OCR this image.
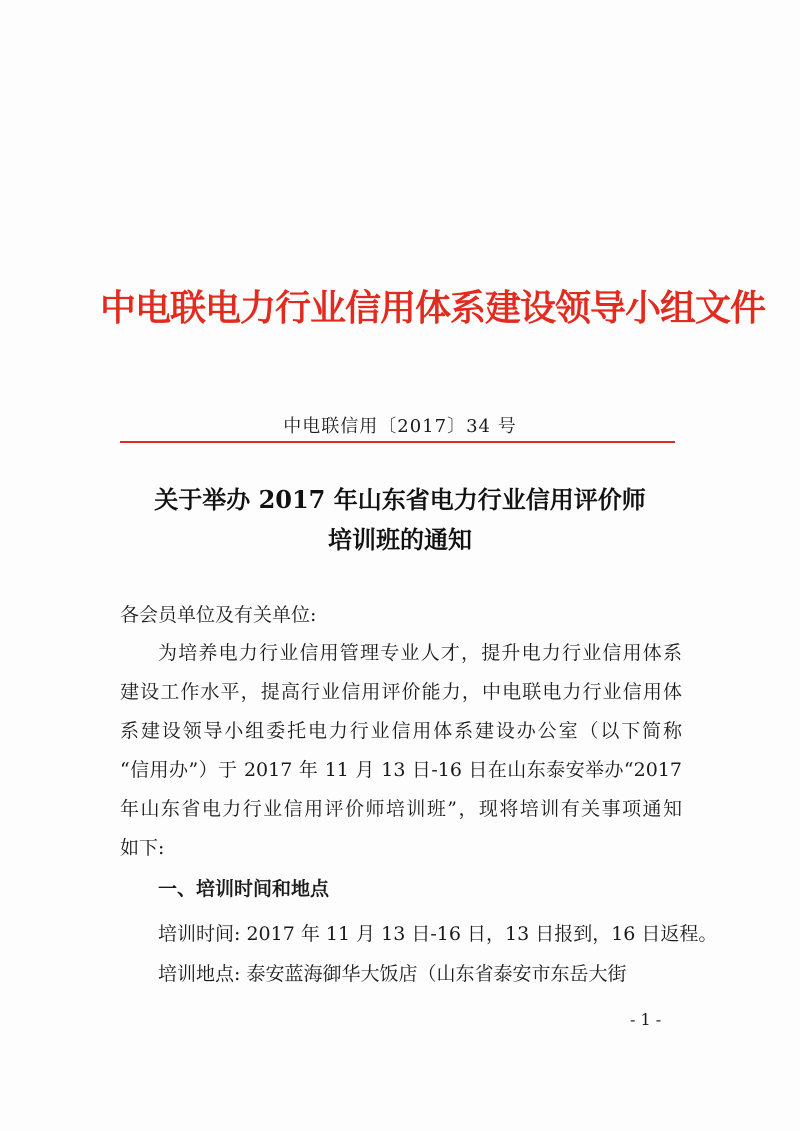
中电联电力行业信用体系建设领导小组文件
中电联信用〔2017〕34 号
关于举办 2017 年山东省电力行业信用评价师
培训班的通知
各会员单位及有关单位:
为培养电力行业信用管理专业人才，提升电力行业信用体系
建设工作水平，提高行业信用评价能力，中电联电力行业信用体
系建设领导小组委托电力行业信用体系建设办公室（以下简称
“信用办”）于 2017 年 11 月 13 日-16 日在山东泰安举办“2017
年山东省电力行业信用评价师培训班”，现将培训有关事项通知
如下:
一、培训时间和地点
培训时间: 2017 年 11 月 13 日-16 日，13 日报到，16 日返程。
培训地点: 泰安蓝海御华大饭店（山东省泰安市东岳大街
- 1 -
